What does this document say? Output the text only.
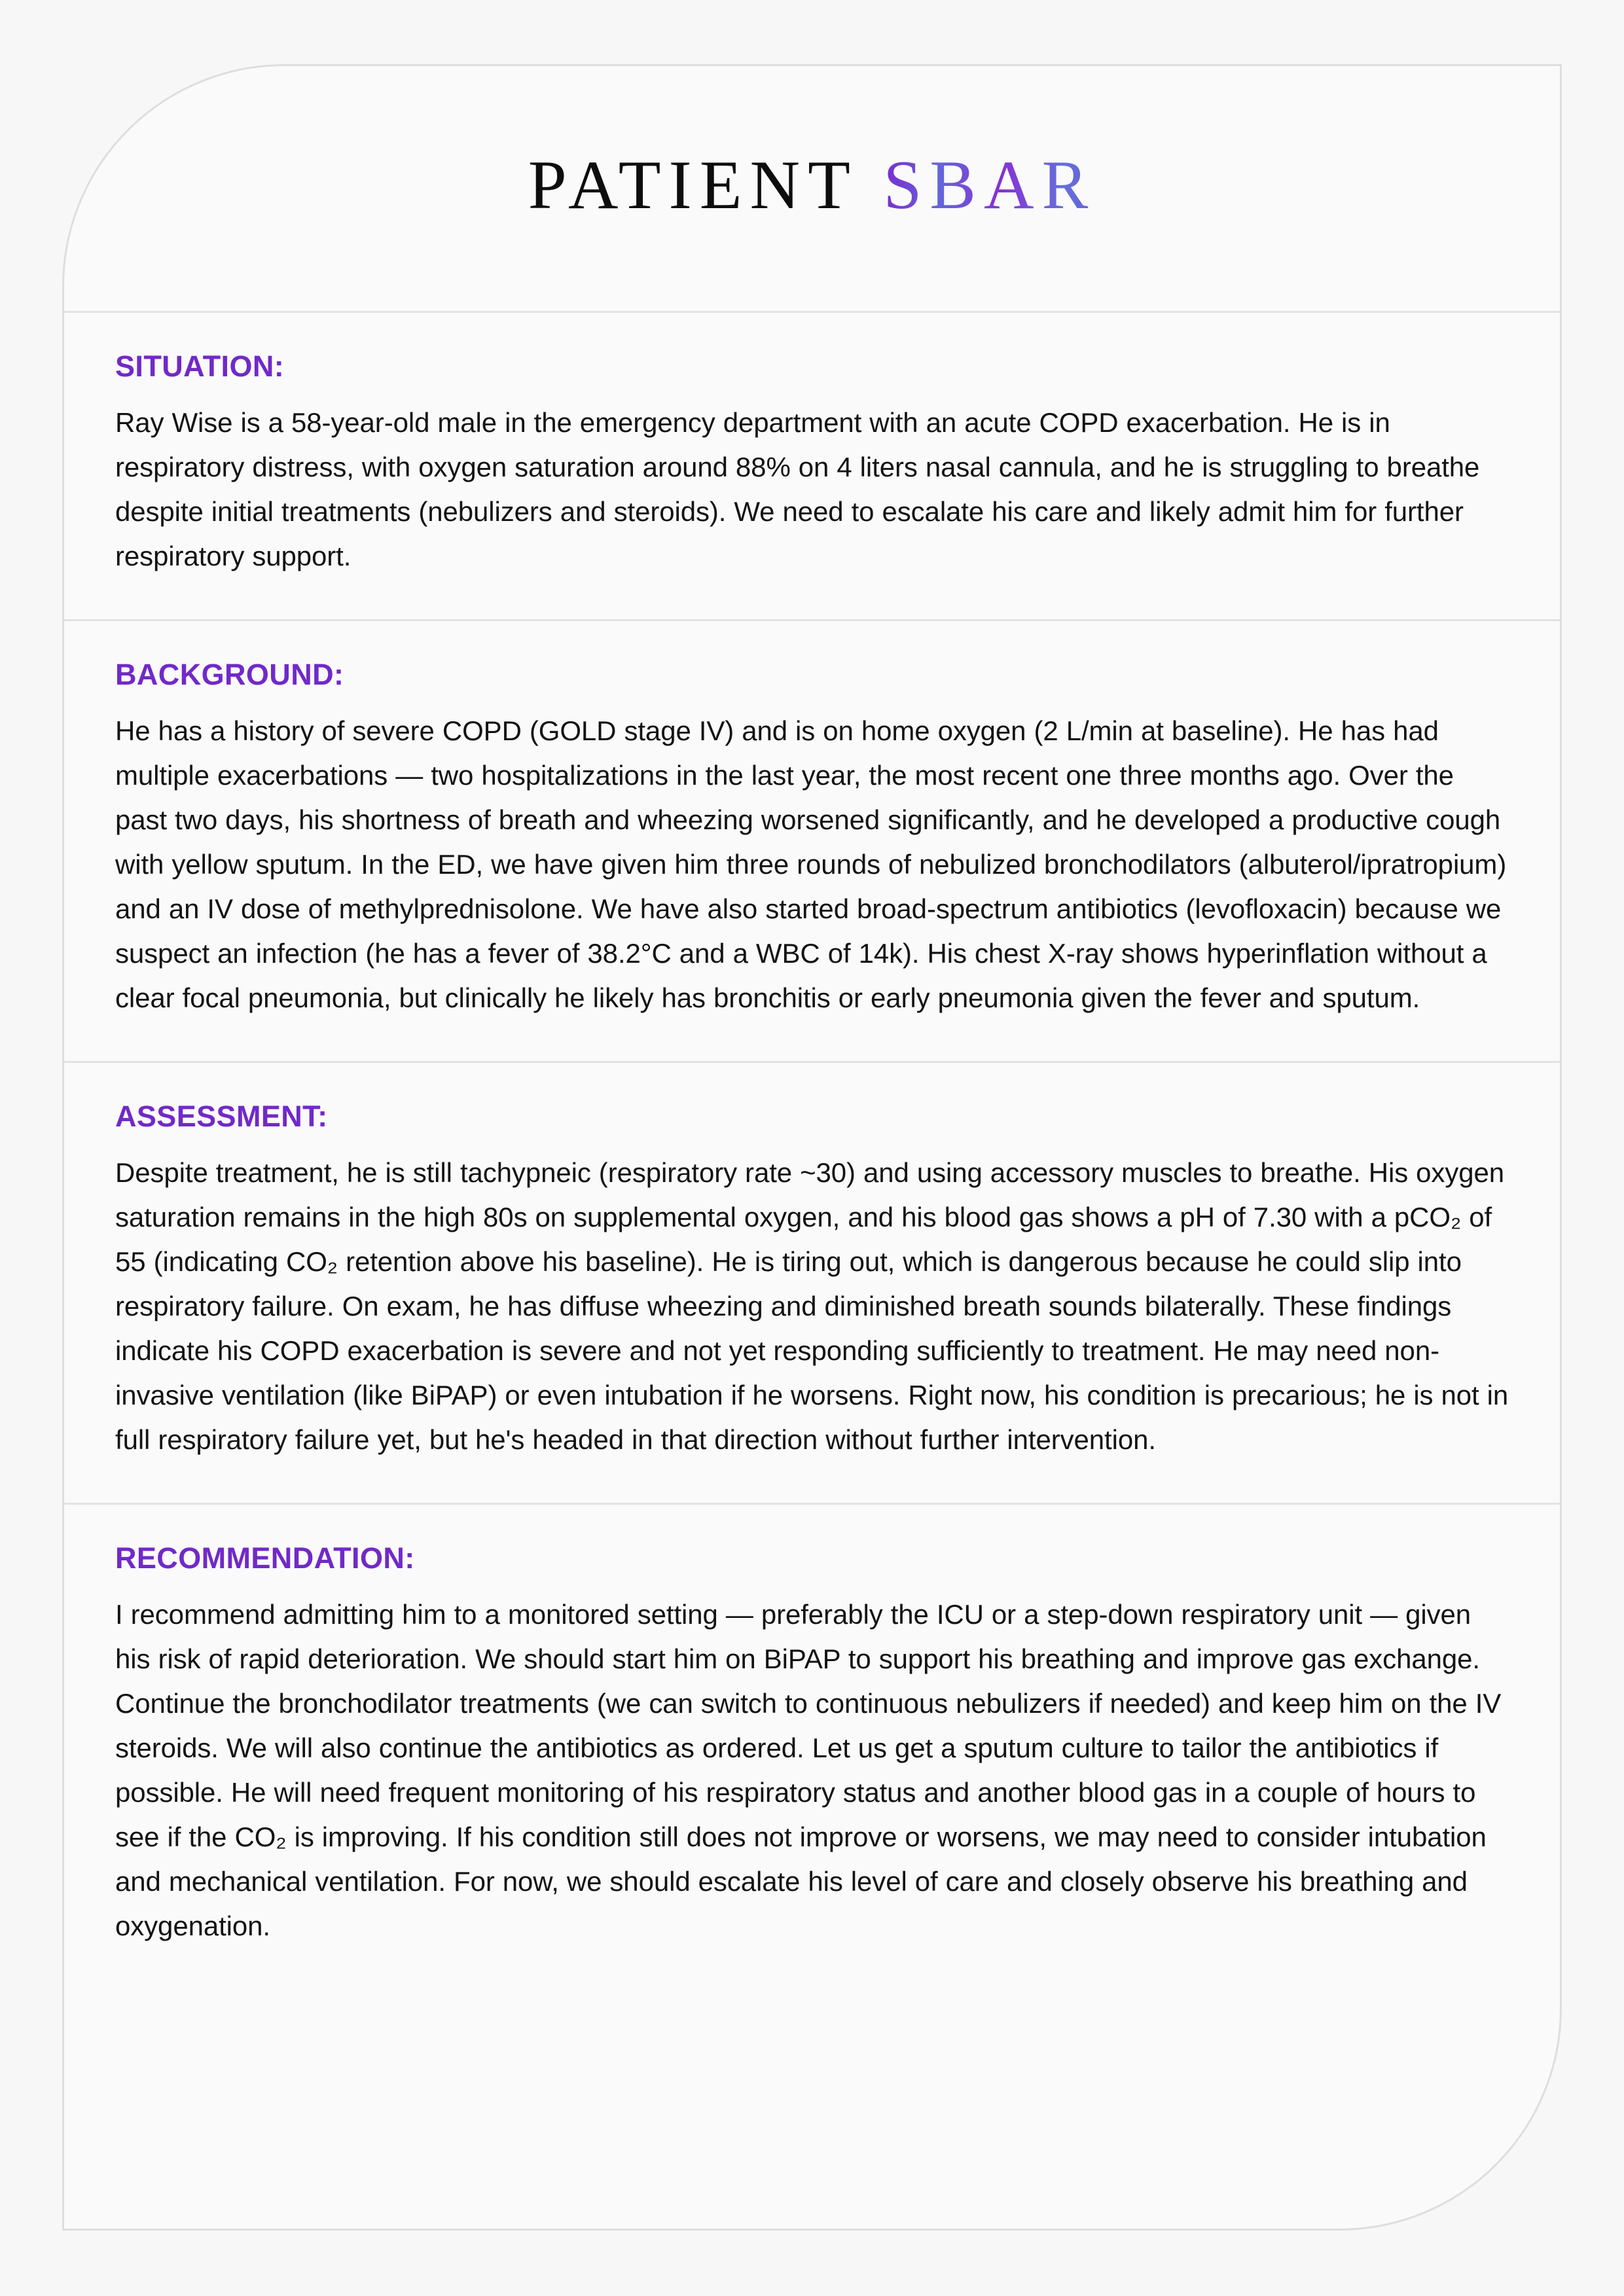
PATIENT SBAR
SITUATION:

Ray Wise is a 58-year-old male in the emergency department with an acute COPD exacerbation. He is in respiratory distress, with oxygen saturation around 88% on 4 liters nasal cannula, and he is struggling to breathe despite initial treatments (nebulizers and steroids). We need to escalate his care and likely admit him for further respiratory support.

BACKGROUND:

He has a history of severe COPD (GOLD stage IV) and is on home oxygen (2 L/min at baseline). He has had multiple exacerbations — two hospitalizations in the last year, the most recent one three months ago. Over the past two days, his shortness of breath and wheezing worsened significantly, and he developed a productive cough with yellow sputum. In the ED, we have given him three rounds of nebulized bronchodilators (albuterol/ipratropium) and an IV dose of methylprednisolone. We have also started broad-spectrum antibiotics (levofloxacin) because we suspect an infection (he has a fever of 38.2°C and a WBC of 14k). His chest X-ray shows hyperinflation without a clear focal pneumonia, but clinically he likely has bronchitis or early pneumonia given the fever and sputum.

ASSESSMENT:

Despite treatment, he is still tachypneic (respiratory rate ~30) and using accessory muscles to breathe. His oxygen saturation remains in the high 80s on supplemental oxygen, and his blood gas shows a pH of 7.30 with a pCO₂ of 55 (indicating CO₂ retention above his baseline). He is tiring out, which is dangerous because he could slip into respiratory failure. On exam, he has diffuse wheezing and diminished breath sounds bilaterally. These findings indicate his COPD exacerbation is severe and not yet responding sufficiently to treatment. He may need non-invasive ventilation (like BiPAP) or even intubation if he worsens. Right now, his condition is precarious; he is not in full respiratory failure yet, but he's headed in that direction without further intervention.

RECOMMENDATION:

I recommend admitting him to a monitored setting — preferably the ICU or a step-down respiratory unit — given his risk of rapid deterioration. We should start him on BiPAP to support his breathing and improve gas exchange. Continue the bronchodilator treatments (we can switch to continuous nebulizers if needed) and keep him on the IV steroids. We will also continue the antibiotics as ordered. Let us get a sputum culture to tailor the antibiotics if possible. He will need frequent monitoring of his respiratory status and another blood gas in a couple of hours to see if the CO₂ is improving. If his condition still does not improve or worsens, we may need to consider intubation and mechanical ventilation. For now, we should escalate his level of care and closely observe his breathing and oxygenation.
